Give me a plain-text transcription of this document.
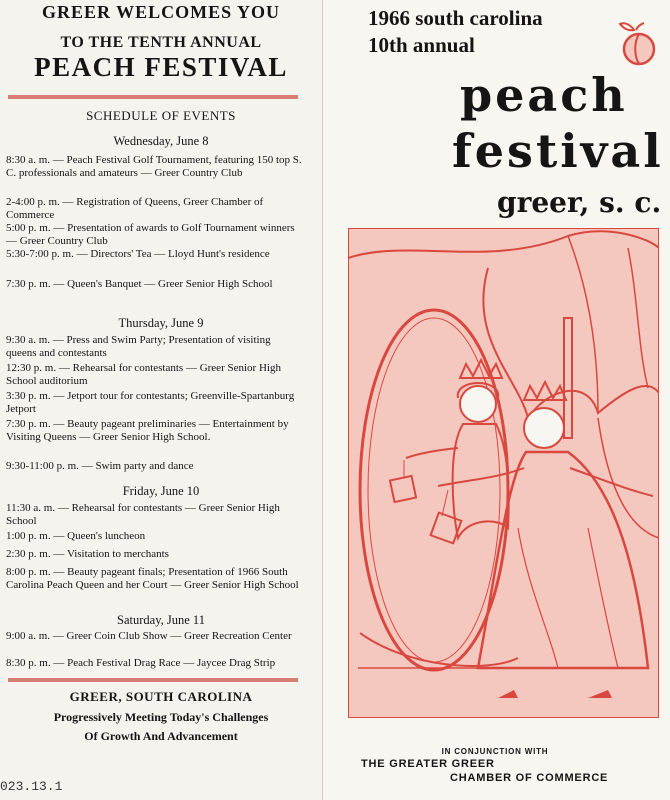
GREER WELCOMES YOU
TO THE TENTH ANNUAL
PEACH FESTIVAL
SCHEDULE OF EVENTS
Wednesday, June 8
8:30 a. m. — Peach Festival Golf Tournament, featuring 150 top S. C. professionals and amateurs — Greer Country Club
2-4:00 p. m. — Registration of Queens, Greer Chamber of Commerce
5:00 p. m. — Presentation of awards to Golf Tournament winners — Greer Country Club
5:30-7:00 p. m. — Directors' Tea — Lloyd Hunt's residence
7:30 p. m. — Queen's Banquet — Greer Senior High School
Thursday, June 9
9:30 a. m. — Press and Swim Party; Presentation of visiting queens and contestants
12:30 p. m. — Rehearsal for contestants — Greer Senior High School auditorium
3:30 p. m. — Jetport tour for contestants; Greenville-Spartanburg Jetport
7:30 p. m. — Beauty pageant preliminaries — Entertainment by Visiting Queens — Greer Senior High School.
9:30-11:00 p. m. — Swim party and dance
Friday, June 10
11:30 a. m. — Rehearsal for contestants — Greer Senior High School
1:00 p. m. — Queen's luncheon
2:30 p. m. — Visitation to merchants
8:00 p. m. — Beauty pageant finals; Presentation of 1966 South Carolina Peach Queen and her Court — Greer Senior High School
Saturday, June 11
9:00 a. m. — Greer Coin Club Show — Greer Recreation Center
8:30 p. m. — Peach Festival Drag Race — Jaycee Drag Strip
GREER, SOUTH CAROLINA
Progressively Meeting Today's Challenges
Of Growth And Advancement
023.13.1
1966 south carolina
10th annual
peach
festival
greer, s. c.
IN CONJUNCTION WITH
THE GREATER GREER
CHAMBER OF COMMERCE
